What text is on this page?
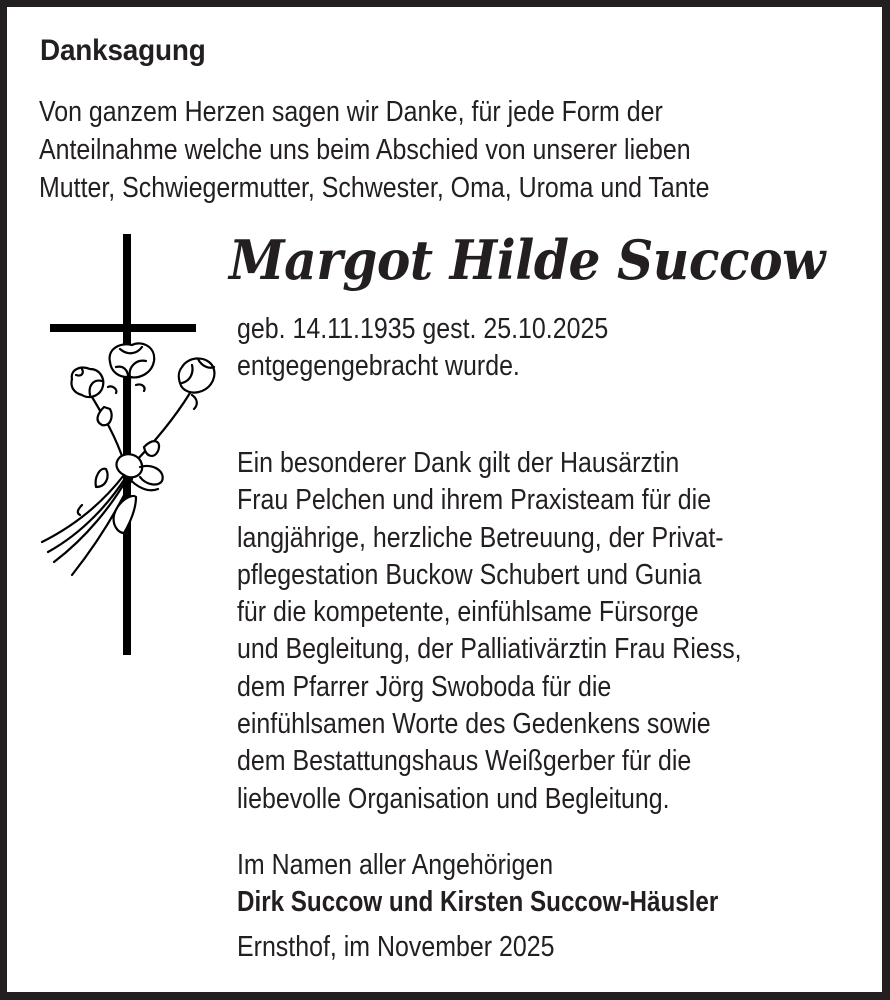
Danksagung
Von ganzem Herzen sagen wir Danke, für jede Form der
Anteilnahme welche uns beim Abschied von unserer lieben
Mutter, Schwiegermutter, Schwester, Oma, Uroma und Tante
Margot Hilde Succow
geb. 14.11.1935 gest. 25.10.2025
entgegengebracht wurde.
Ein besonderer Dank gilt der Hausärztin
Frau Pelchen und ihrem Praxisteam für die
langjährige, herzliche Betreuung, der Privat-
pflegestation Buckow Schubert und Gunia
für die kompetente, einfühlsame Fürsorge
und Begleitung, der Palliativärztin Frau Riess,
dem Pfarrer Jörg Swoboda für die
einfühlsamen Worte des Gedenkens sowie
dem Bestattungshaus Weißgerber für die
liebevolle Organisation und Begleitung.
Im Namen aller Angehörigen
Dirk Succow und Kirsten Succow-Häusler
Ernsthof, im November 2025
